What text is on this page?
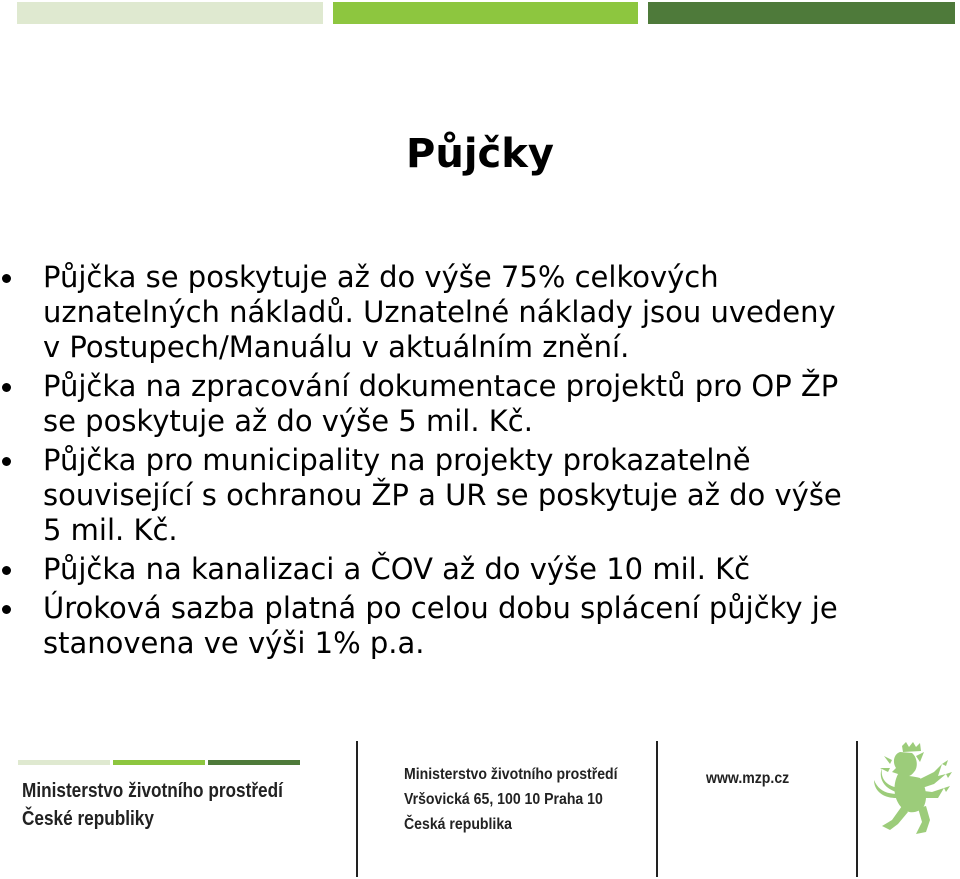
Půjčky
Půjčka se poskytuje až do výše 75% celkových
uznatelných nákladů. Uznatelné náklady jsou uvedeny
v Postupech/Manuálu v aktuálním znění.
Půjčka na zpracování dokumentace projektů pro OP ŽP
se poskytuje až do výše 5 mil. Kč.
Půjčka pro municipality na projekty prokazatelně
související s ochranou ŽP a UR se poskytuje až do výše
5 mil. Kč.
Půjčka na kanalizaci a ČOV až do výše 10 mil. Kč
Úroková sazba platná po celou dobu splácení půjčky je
stanovena ve výši 1% p.a.
Ministerstvo životního prostředí
České republiky
Ministerstvo životního prostředí
Vršovická 65, 100 10 Praha 10
Česká republika
www.mzp.cz
